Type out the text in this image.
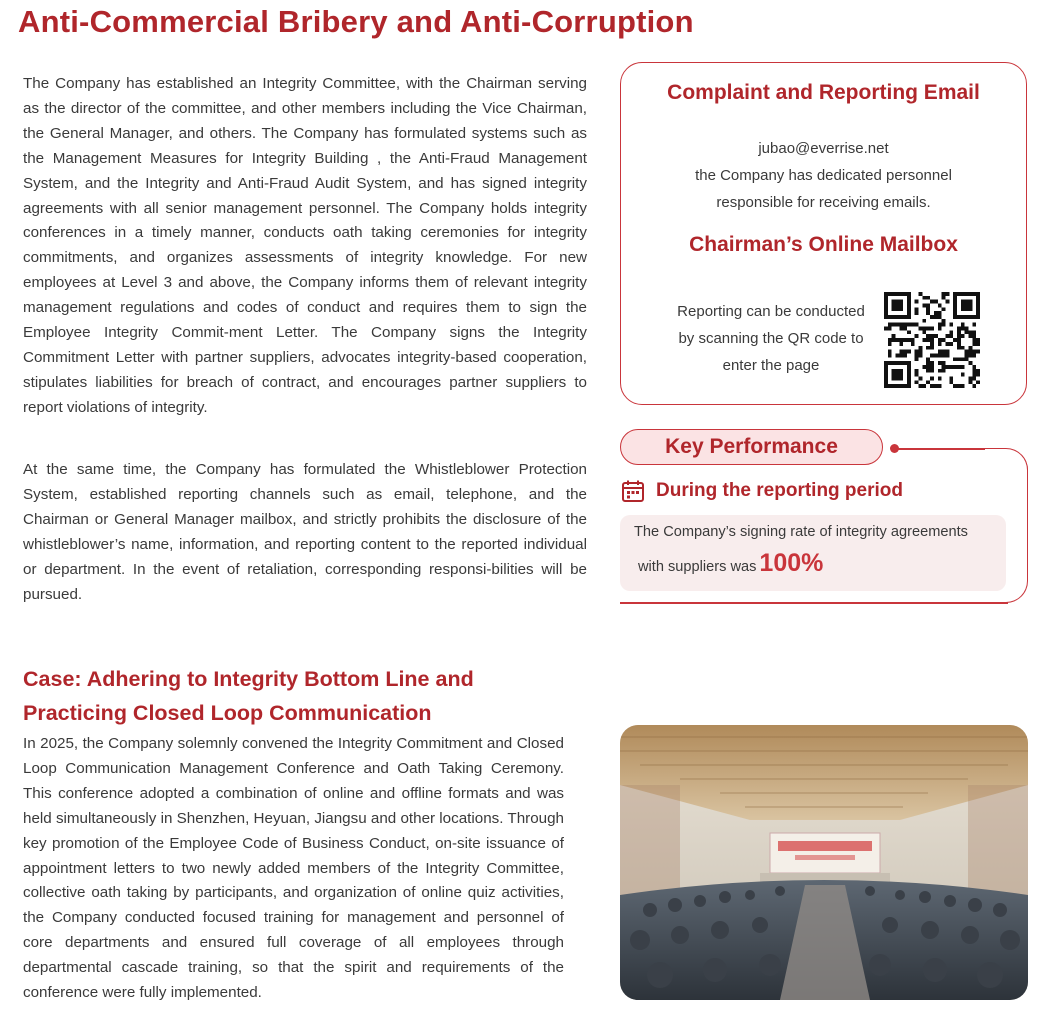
Anti-Commercial Bribery and Anti-Corruption
The Company has established an Integrity Committee, with the Chairman serving as the director of the committee, and other members including the Vice Chairman, the General Manager, and others. The Company has formulated systems such as the Management Measures for Integrity Building , the Anti-Fraud Management System, and the Integrity and Anti-Fraud Audit System, and has signed integrity agreements with all senior management personnel. The Company holds integrity conferences in a timely manner, conducts oath taking ceremonies for integrity commitments, and organizes assessments of integrity knowledge. For new employees at Level 3 and above, the Company informs them of relevant integrity management regulations and codes of conduct and requires them to sign the Employee Integrity Commit-ment Letter. The Company signs the Integrity Commitment Letter with partner suppliers, advocates integrity-based cooperation, stipulates liabilities for breach of contract, and encourages partner suppliers to report violations of integrity.
At the same time, the Company has formulated the Whistleblower Protection System, established reporting channels such as email, telephone, and the Chairman or General Manager mailbox, and strictly prohibits the disclosure of the whistleblower’s name, information, and reporting content to the reported individual or department. In the event of retaliation, corresponding responsi-bilities will be pursued.
Complaint and Reporting Email
jubao@everrise.net
the Company has dedicated personnel
responsible for receiving emails.
Chairman’s Online Mailbox
Reporting can be conducted
by scanning the QR code to
enter the page
Key Performance
During the reporting period
The Company’s signing rate of integrity agreements
with suppliers was 100%
Case: Adhering to Integrity Bottom Line and
Practicing Closed Loop Communication
In 2025, the Company solemnly convened the Integrity Commitment and Closed Loop Communication Management Conference and Oath Taking Ceremony. This conference adopted a combination of online and offline formats and was held simultaneously in Shenzhen, Heyuan, Jiangsu and other locations. Through key promotion of the Employee Code of Business Conduct, on-site issuance of appointment letters to two newly added members of the Integrity Committee, collective oath taking by participants, and organization of online quiz activities, the Company conducted focused training for management and personnel of core departments and ensured full coverage of all employees through departmental cascade training, so that the spirit and requirements of the conference were fully implemented.
